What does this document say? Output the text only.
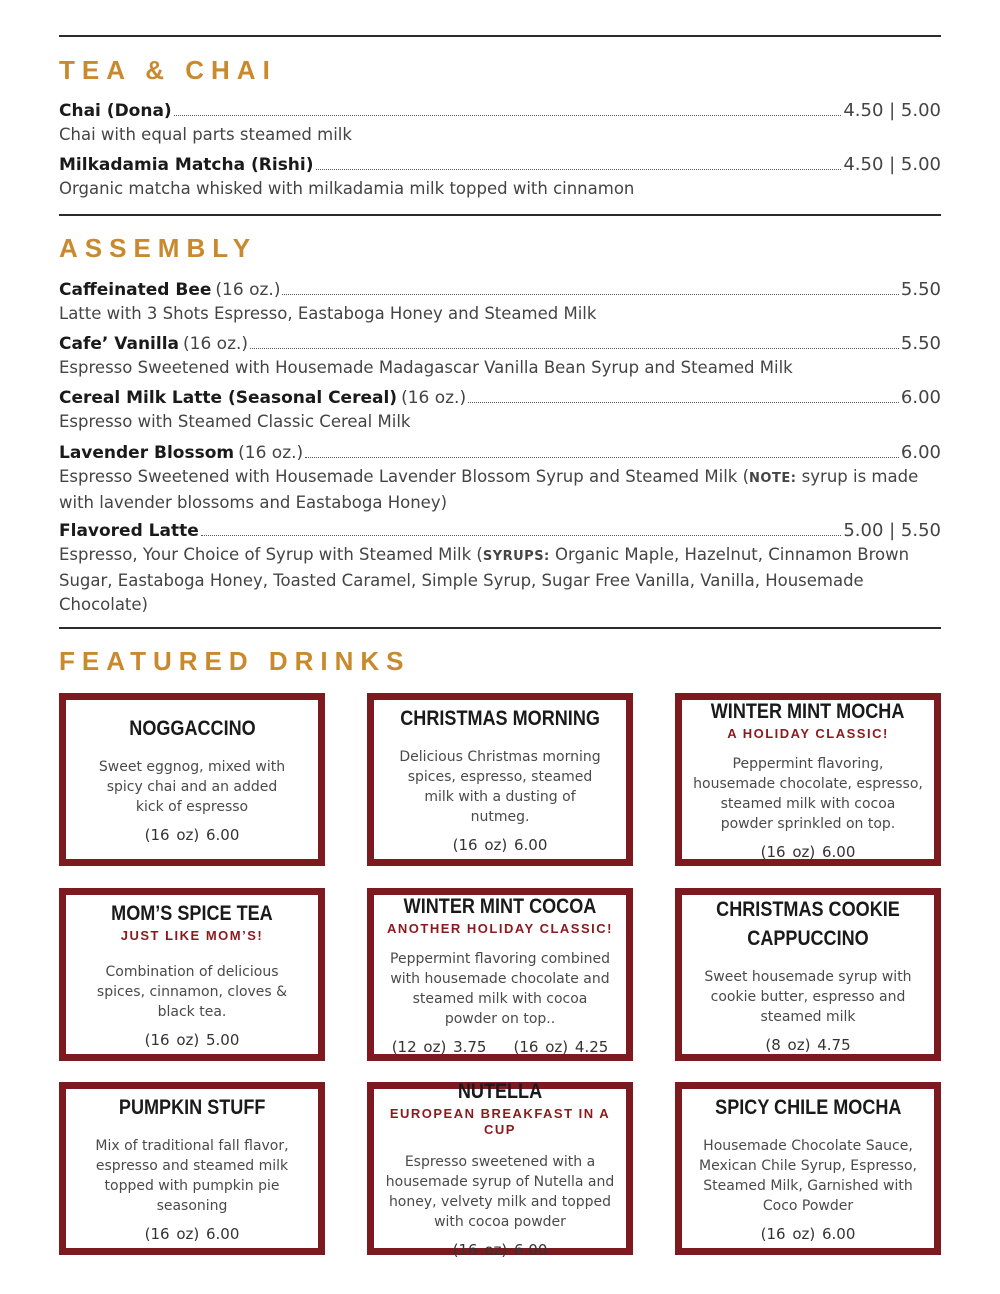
TEA & CHAI
Chai (Dona)	4.50 | 5.00
Chai with equal parts steamed milk
Milkadamia Matcha (Rishi)	4.50 | 5.00
Organic matcha whisked with milkadamia milk topped with cinnamon
ASSEMBLY
Caffeinated Bee (16 oz.)	5.50
Latte with 3 Shots Espresso, Eastaboga Honey and Steamed Milk
Cafe’ Vanilla (16 oz.)	5.50
Espresso Sweetened with Housemade Madagascar Vanilla Bean Syrup and Steamed Milk
Cereal Milk Latte (Seasonal Cereal) (16 oz.)	6.00
Espresso with Steamed Classic Cereal Milk
Lavender Blossom (16 oz.)	6.00
Espresso Sweetened with Housemade Lavender Blossom Syrup and Steamed Milk (NOTE: syrup is made with lavender blossoms and Eastaboga Honey)
Flavored Latte	5.00 | 5.50
Espresso, Your Choice of Syrup with Steamed Milk (SYRUPS: Organic Maple, Hazelnut, Cinnamon Brown Sugar, Eastaboga Honey, Toasted Caramel, Simple Syrup, Sugar Free Vanilla, Vanilla, Housemade Chocolate)
FEATURED DRINKS
NOGGACCINO
Sweet eggnog, mixed with spicy chai and an added kick of espresso
(16 oz) 6.00
CHRISTMAS MORNING
Delicious Christmas morning spices, espresso, steamed milk with a dusting of nutmeg.
(16 oz) 6.00
WINTER MINT MOCHA
A HOLIDAY CLASSIC!
Peppermint flavoring, housemade chocolate, espresso, steamed milk with cocoa powder sprinkled on top.
(16 oz) 6.00
MOM’S SPICE TEA
JUST LIKE MOM’S!
Combination of delicious spices, cinnamon, cloves & black tea.
(16 oz) 5.00
WINTER MINT COCOA
ANOTHER HOLIDAY CLASSIC!
Peppermint flavoring combined with housemade chocolate and steamed milk with cocoa powder on top..
(12 oz) 3.75    (16 oz) 4.25
CHRISTMAS COOKIE CAPPUCCINO
Sweet housemade syrup with cookie butter, espresso and steamed milk
(8 oz) 4.75
PUMPKIN STUFF
Mix of traditional fall flavor, espresso and steamed milk topped with pumpkin pie seasoning
(16 oz) 6.00
NUTELLA
EUROPEAN BREAKFAST IN A CUP
Espresso sweetened with a housemade syrup of Nutella and honey, velvety milk and topped with cocoa powder
(16 oz) 6.00
SPICY CHILE MOCHA
Housemade Chocolate Sauce, Mexican Chile Syrup, Espresso, Steamed Milk, Garnished with Coco Powder
(16 oz) 6.00
